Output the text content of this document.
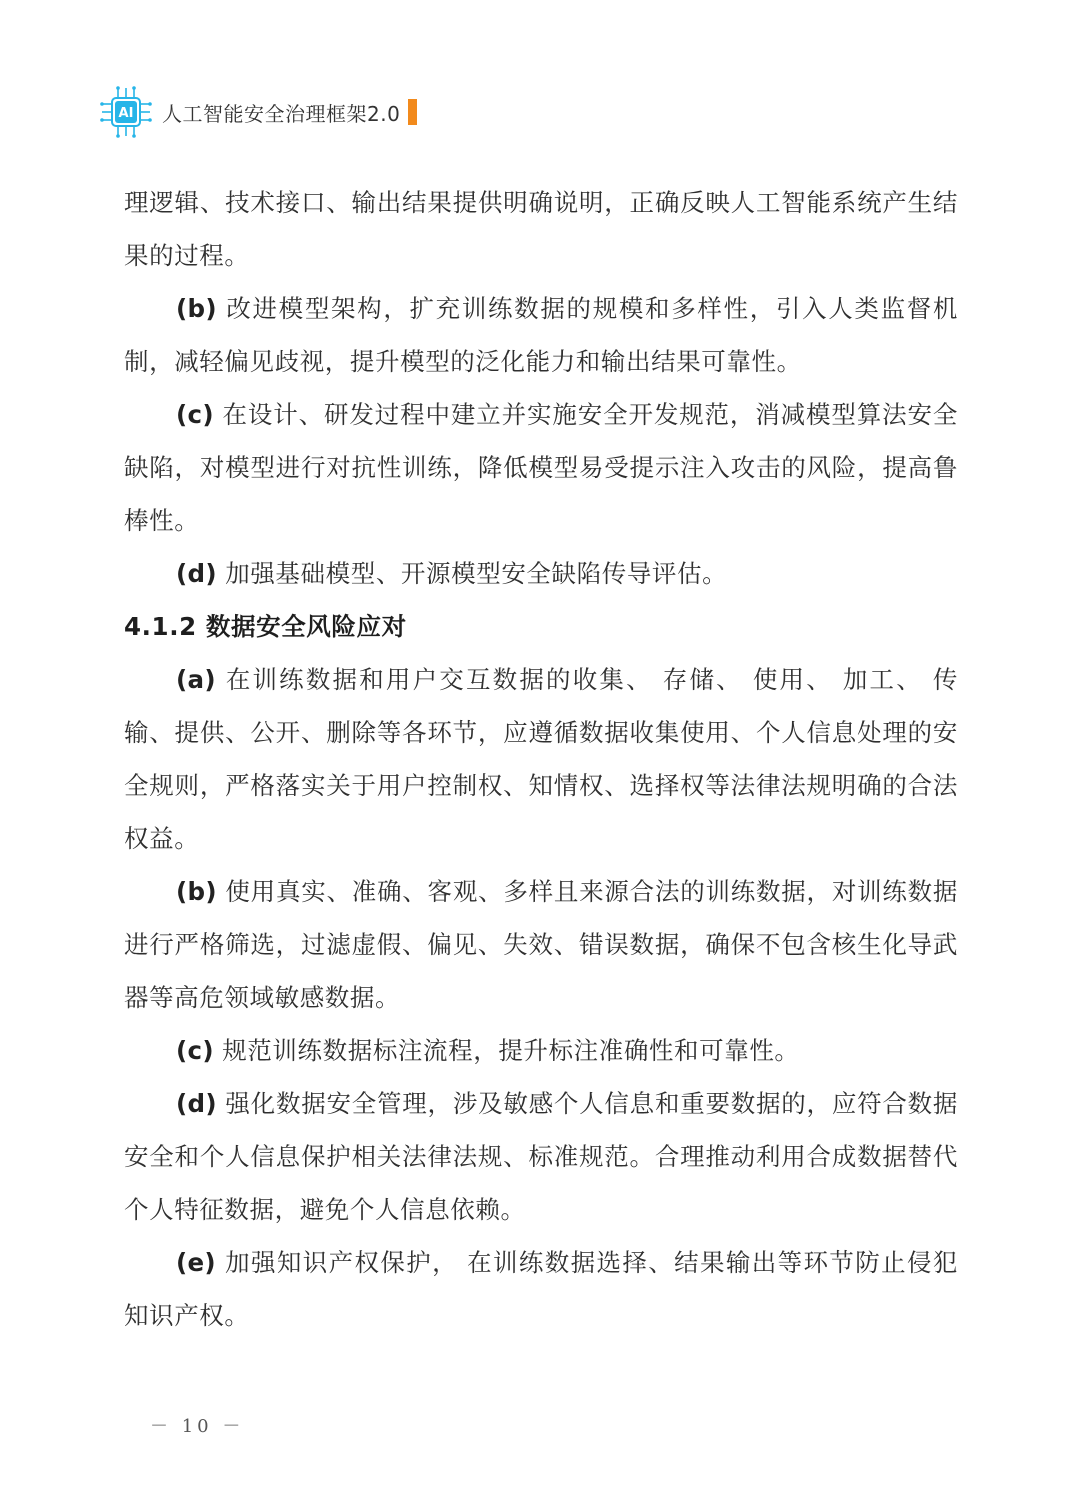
AI 人工智能安全治理框架2.0

理逻辑、技术接口、输出结果提供明确说明，正确反映人工智能系统产生结果的过程。

(b) 改进模型架构，扩充训练数据的规模和多样性，引入人类监督机制，减轻偏见歧视，提升模型的泛化能力和输出结果可靠性。

(c) 在设计、研发过程中建立并实施安全开发规范，消减模型算法安全缺陷，对模型进行对抗性训练，降低模型易受提示注入攻击的风险，提高鲁棒性。

(d) 加强基础模型、开源模型安全缺陷传导评估。

4.1.2 数据安全风险应对

(a) 在训练数据和用户交互数据的收集、 存储、 使用、 加工、 传输、提供、公开、删除等各环节，应遵循数据收集使用、个人信息处理的安全规则，严格落实关于用户控制权、知情权、选择权等法律法规明确的合法权益。

(b) 使用真实、准确、客观、多样且来源合法的训练数据，对训练数据进行严格筛选，过滤虚假、偏见、失效、错误数据，确保不包含核生化导武器等高危领域敏感数据。

(c) 规范训练数据标注流程，提升标注准确性和可靠性。

(d) 强化数据安全管理，涉及敏感个人信息和重要数据的，应符合数据安全和个人信息保护相关法律法规、标准规范。合理推动利用合成数据替代个人特征数据，避免个人信息依赖。

(e) 加强知识产权保护， 在训练数据选择、结果输出等环节防止侵犯知识产权。

－ 10 －
